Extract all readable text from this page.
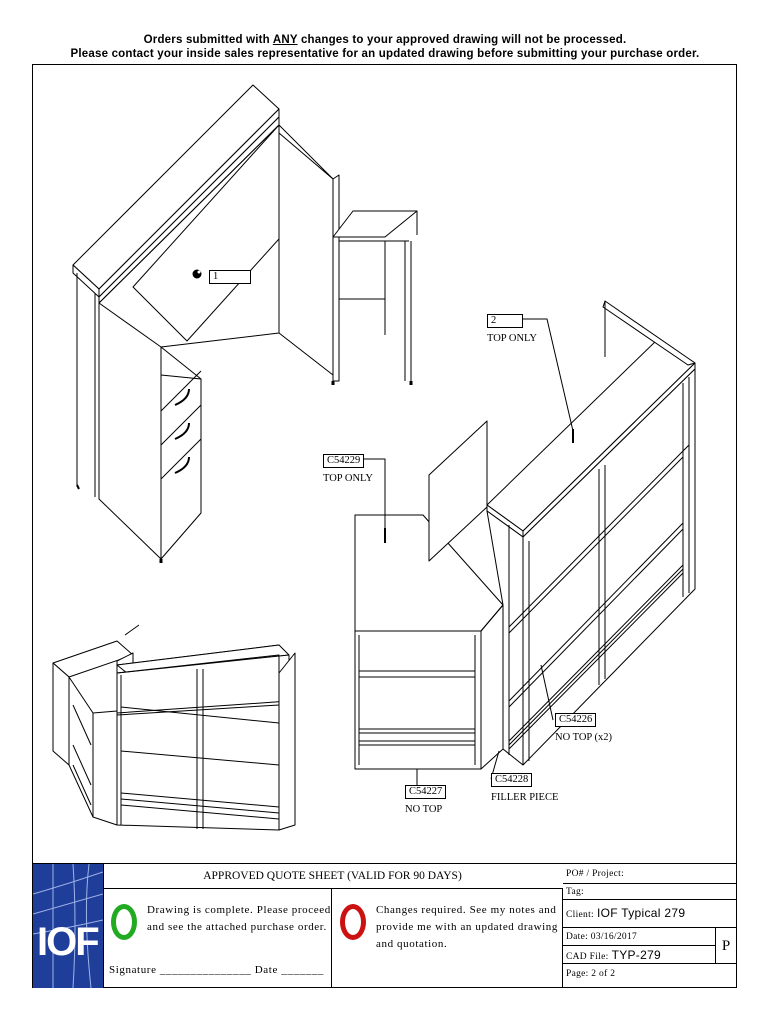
Orders submitted with ANY changes to your approved drawing will not be processed.
Please contact your inside sales representative for an updated drawing before submitting your purchase order.
1
2
TOP ONLY
C54229
TOP ONLY
C54226
NO TOP (x2)
C54228
FILLER PIECE
C54227
NO TOP
IOF
APPROVED QUOTE SHEET (VALID FOR 90 DAYS)
Drawing is complete. Please proceed
and see the attached purchase order.
Signature _______________ Date _______
Changes required. See my notes and
provide me with an updated drawing
and quotation.
PO# / Project:
Tag:
Client: IOF Typical 279
Date: 03/16/2017
CAD File: TYP-279
Page: 2 of 2
P
